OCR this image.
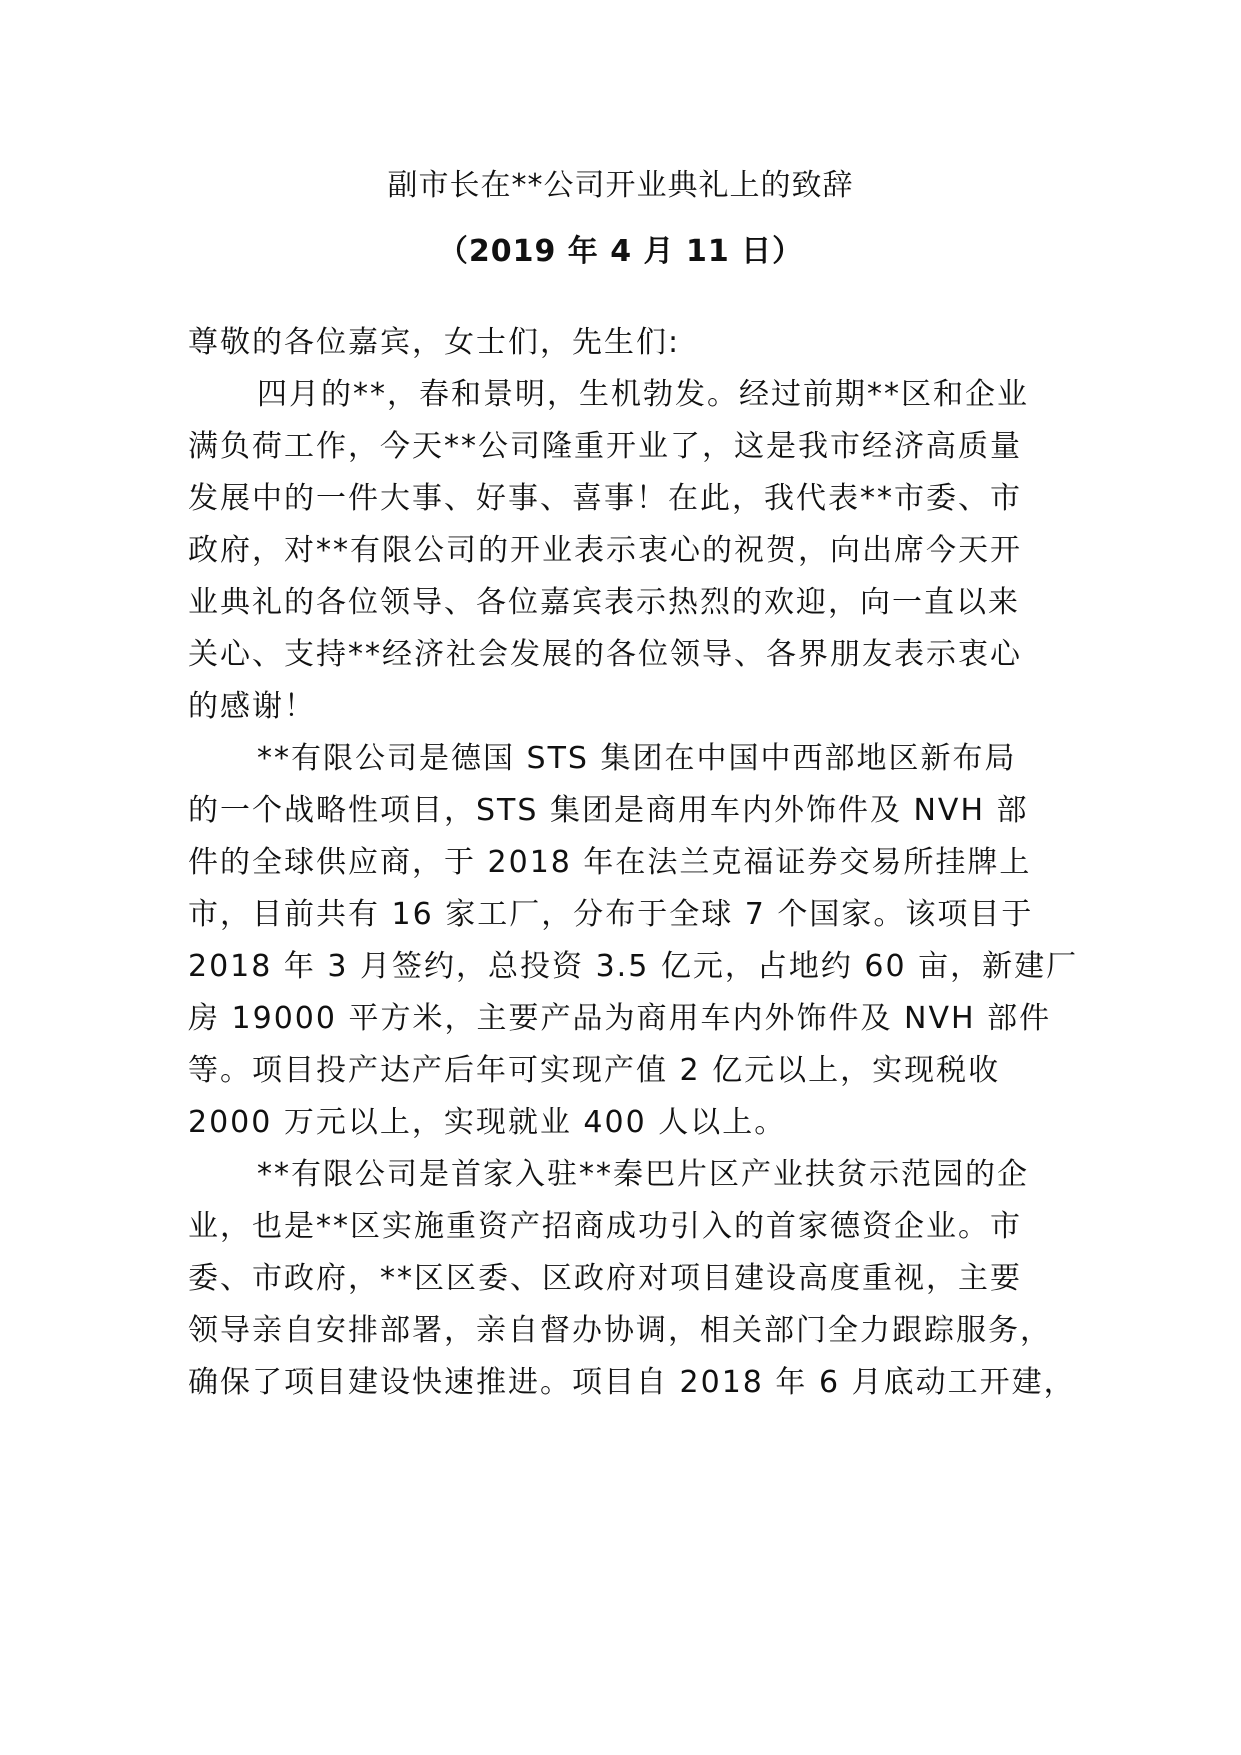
副市长在**公司开业典礼上的致辞
（2019 年 4 月 11 日）
尊敬的各位嘉宾，女士们，先生们:
四月的**，春和景明，生机勃发。经过前期**区和企业
满负荷工作，今天**公司隆重开业了，这是我市经济高质量
发展中的一件大事、好事、喜事！在此，我代表**市委、市
政府，对**有限公司的开业表示衷心的祝贺，向出席今天开
业典礼的各位领导、各位嘉宾表示热烈的欢迎，向一直以来
关心、支持**经济社会发展的各位领导、各界朋友表示衷心
的感谢！
**有限公司是德国 STS 集团在中国中西部地区新布局
的一个战略性项目，STS 集团是商用车内外饰件及 NVH 部
件的全球供应商，于 2018 年在法兰克福证券交易所挂牌上
市，目前共有 16 家工厂，分布于全球 7 个国家。该项目于
2018 年 3 月签约，总投资 3.5 亿元，占地约 60 亩，新建厂
房 19000 平方米，主要产品为商用车内外饰件及 NVH 部件
等。项目投产达产后年可实现产值 2 亿元以上，实现税收
2000 万元以上，实现就业 400 人以上。
**有限公司是首家入驻**秦巴片区产业扶贫示范园的企
业，也是**区实施重资产招商成功引入的首家德资企业。市
委、市政府，**区区委、区政府对项目建设高度重视，主要
领导亲自安排部署，亲自督办协调，相关部门全力跟踪服务，
确保了项目建设快速推进。项目自 2018 年 6 月底动工开建，
